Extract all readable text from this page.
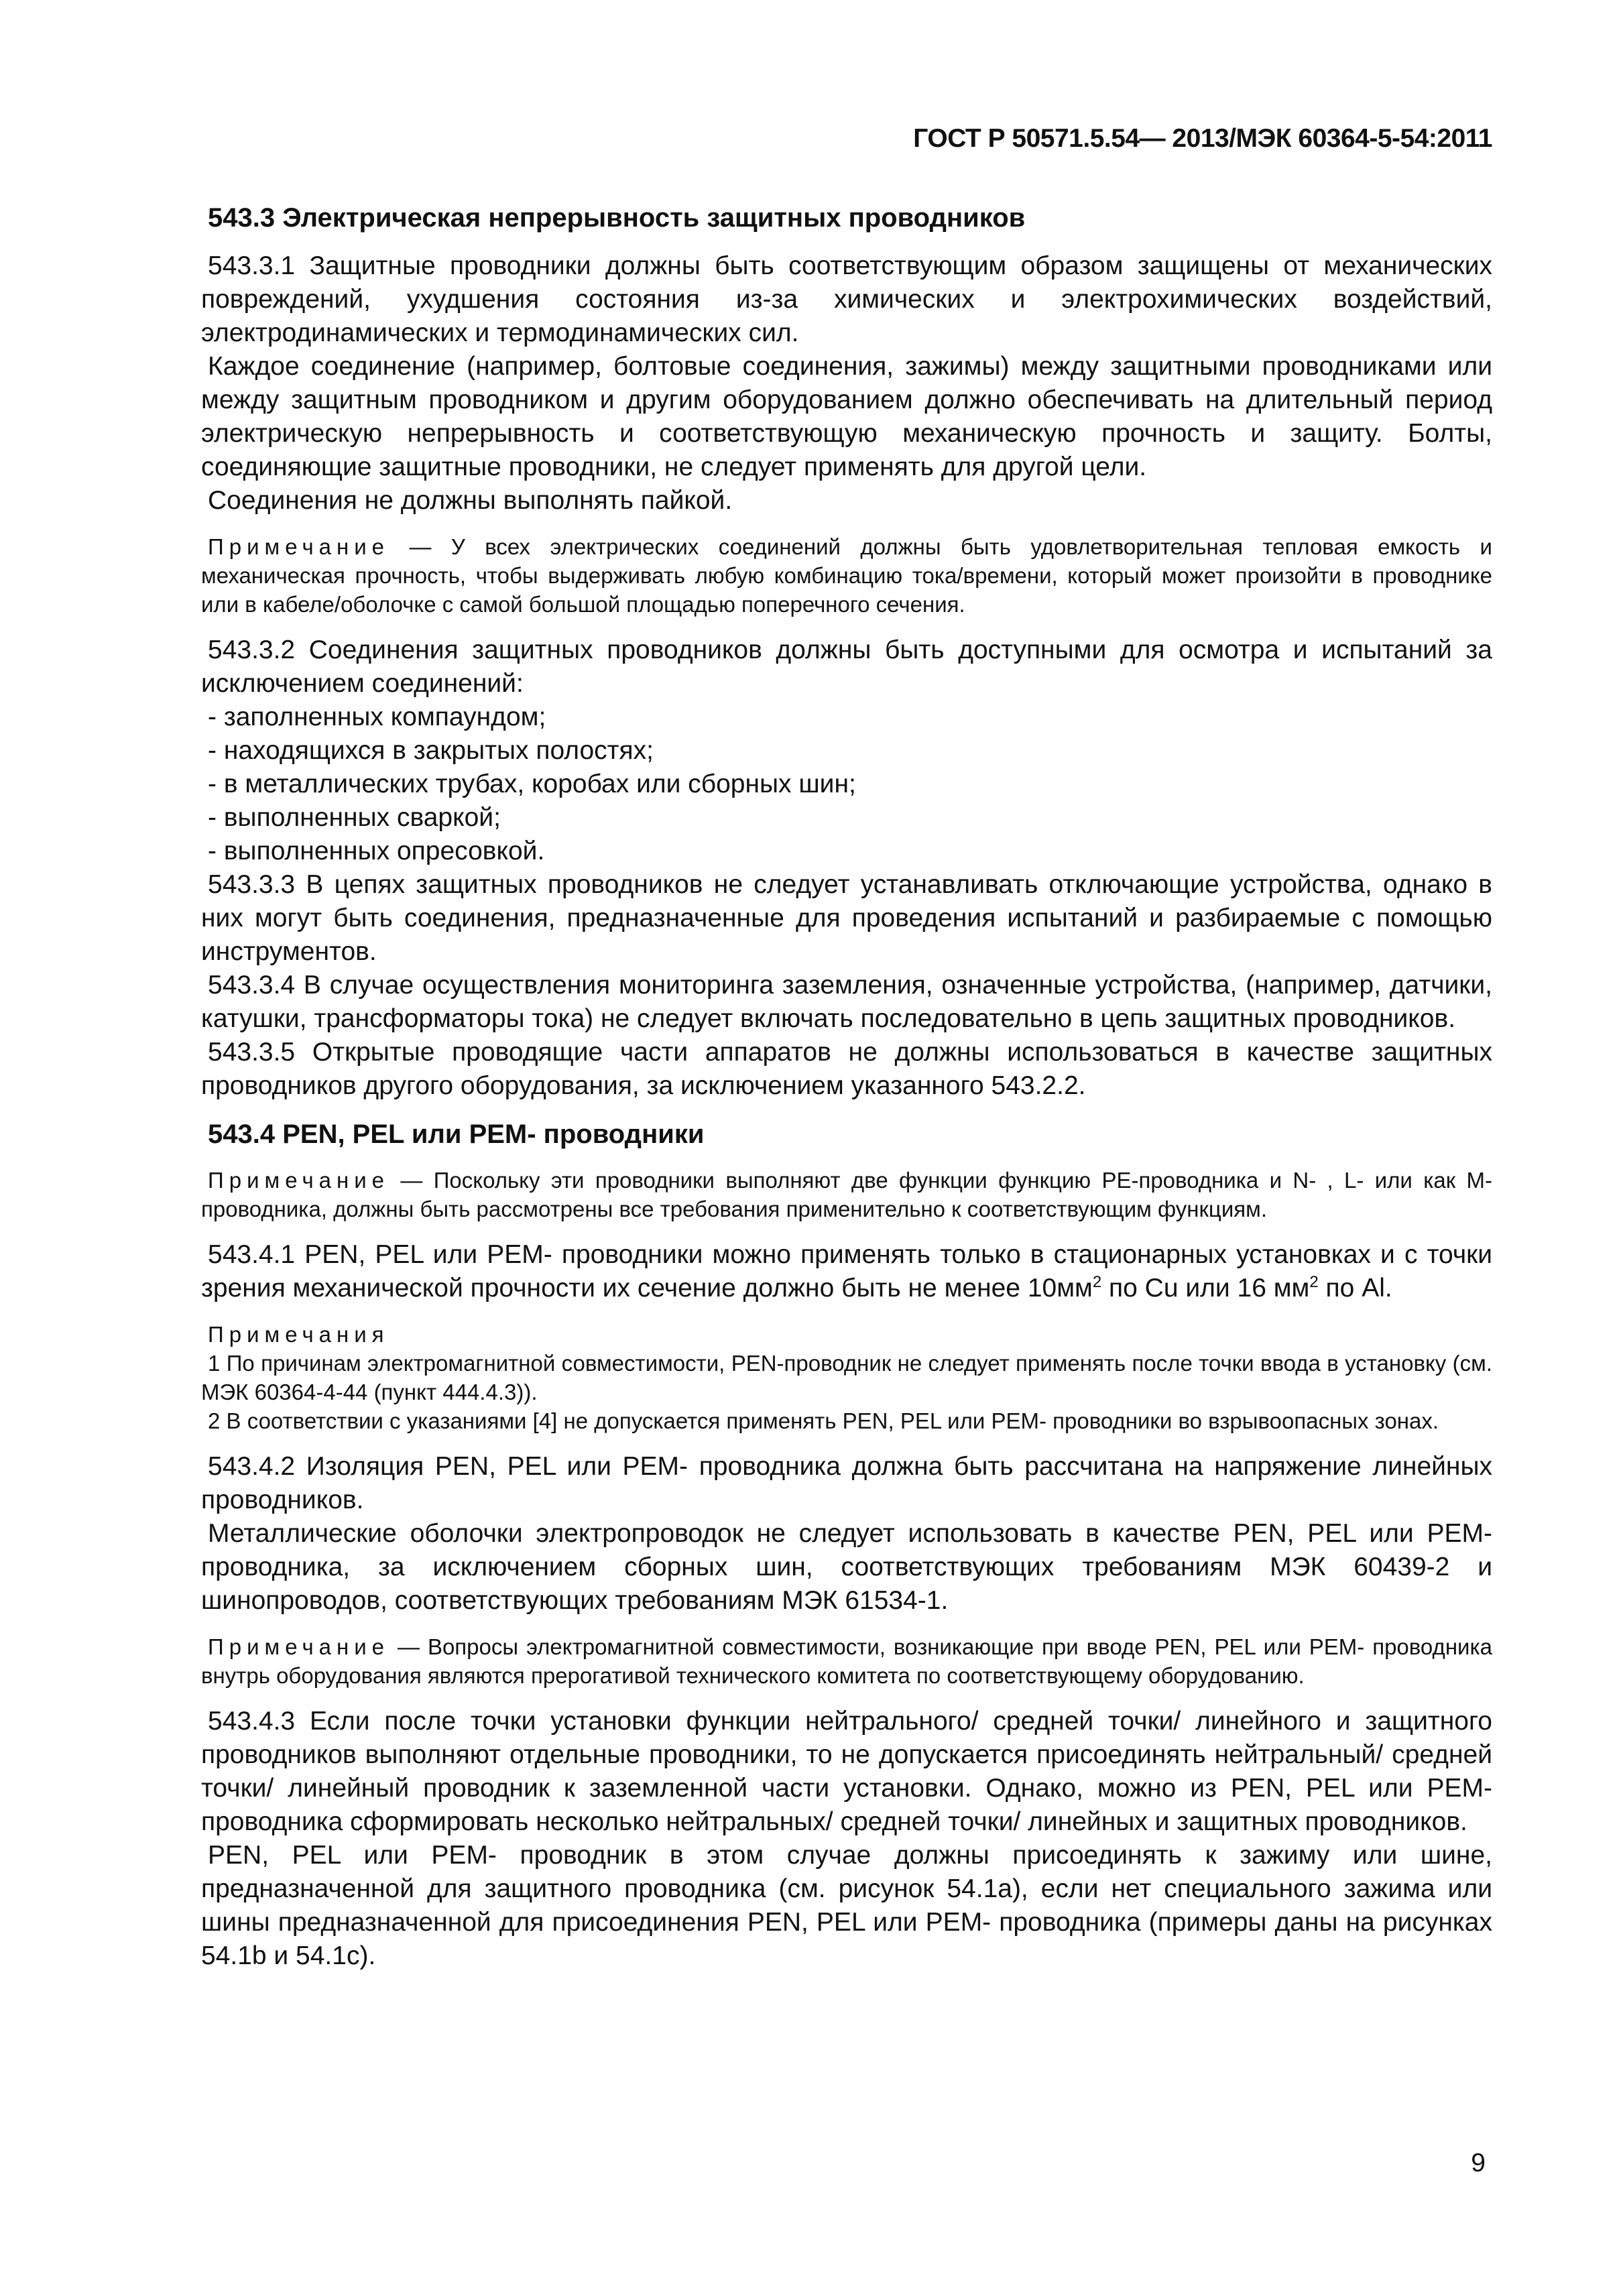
ГОСТ Р 50571.5.54— 2013/МЭК 60364-5-54:2011
543.3 Электрическая непрерывность защитных проводников

543.3.1 Защитные проводники должны быть соответствующим образом защищены от механических повреждений, ухудшения состояния из-за химических и электрохимических воздействий, электродинамических и термодинамических сил.

Каждое соединение (например, болтовые соединения, зажимы) между защитными проводниками или между защитным проводником и другим оборудованием должно обеспечивать на длительный период электрическую непрерывность и соответствующую механическую прочность и защиту. Болты, соединяющие защитные проводники, не следует применять для другой цели.

Соединения не должны выполнять пайкой.

Примечание — У всех электрических соединений должны быть удовлетворительная тепловая емкость и механическая прочность, чтобы выдерживать любую комбинацию тока/времени, который может произойти в проводнике или в кабеле/оболочке с самой большой площадью поперечного сечения.

543.3.2 Соединения защитных проводников должны быть доступными для осмотра и испытаний за исключением соединений:

- заполненных компаундом;

- находящихся в закрытых полостях;

- в металлических трубах, коробах или сборных шин;

- выполненных сваркой;

- выполненных опресовкой.

543.3.3 В цепях защитных проводников не следует устанавливать отключающие устройства, однако в них могут быть соединения, предназначенные для проведения испытаний и разбираемые с помощью инструментов.

543.3.4 В случае осуществления мониторинга заземления, означенные устройства, (например, датчики, катушки, трансформаторы тока) не следует включать последовательно в цепь защитных проводников.

543.3.5 Открытые проводящие части аппаратов не должны использоваться в качестве защитных проводников другого оборудования, за исключением указанного 543.2.2.

543.4 PEN, PEL или PEM- проводники

Примечание — Поскольку эти проводники выполняют две функции функцию PE-проводника и N- , L- или как M- проводника, должны быть рассмотрены все требования применительно к соответствующим функциям.

543.4.1 PEN, PEL или PEM- проводники можно применять только в стационарных установках и с точки зрения механической прочности их сечение должно быть не менее $10мм^2$ по Cu или 16 $мм^2$ по Al.

Примечания
1 По причинам электромагнитной совместимости, PEN-проводник не следует применять после точки ввода в установку (см. МЭК 60364-4-44 (пункт 444.4.3)).
2 В соответствии с указаниями [4] не допускается применять PEN, PEL или PEM- проводники во взрывоопасных зонах.

543.4.2 Изоляция PEN, PEL или PEM- проводника должна быть рассчитана на напряжение линейных проводников.

Металлические оболочки электропроводок не следует использовать в качестве PEN, PEL или PEM- проводника, за исключением сборных шин, соответствующих требованиям МЭК 60439-2 и шинопроводов, соответствующих требованиям МЭК 61534-1.

Примечание — Вопросы электромагнитной совместимости, возникающие при вводе PEN, PEL или PEM- проводника внутрь оборудования являются прерогативой технического комитета по соответствующему оборудованию.

543.4.3 Если после точки установки функции нейтрального/ средней точки/ линейного и защитного проводников выполняют отдельные проводники, то не допускается присоединять нейтральный/ средней точки/ линейный проводник к заземленной части установки. Однако, можно из PEN, PEL или PEM- проводника сформировать несколько нейтральных/ средней точки/ линейных и защитных проводников.

PEN, PEL или PEM- проводник в этом случае должны присоединять к зажиму или шине, предназначенной для защитного проводника (см. рисунок 54.1а), если нет специального зажима или шины предназначенной для присоединения PEN, PEL или PEM- проводника (примеры даны на рисунках 54.1b и 54.1c).

9
